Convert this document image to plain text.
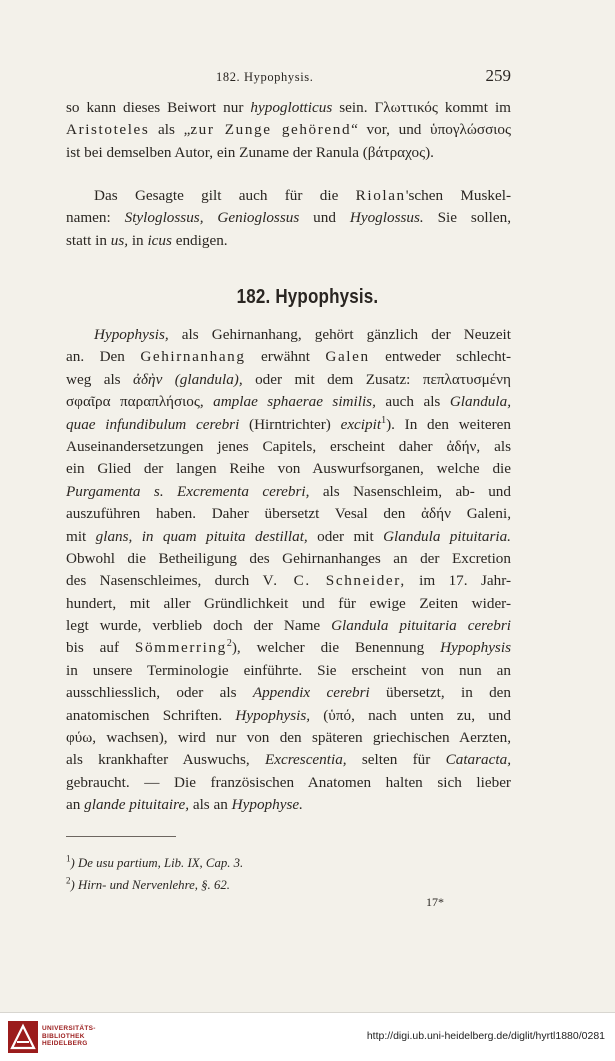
182. Hypophysis.	259
so kann dieses Beiwort nur hypoglotticus sein. Γλωττικός kommt im
Aristoteles als „zur Zunge gehörend“ vor, und ὑπογλώσσιος
ist bei demselben Autor, ein Zuname der Ranula (βάτραχος).
Das Gesagte gilt auch für die Riolan'schen Muskel-
namen: Styloglossus, Genioglossus und Hyoglossus. Sie sollen,
statt in us, in icus endigen.
182. Hypophysis.
Hypophysis, als Gehirnanhang, gehört gänzlich der Neuzeit
an. Den Gehirnanhang erwähnt Galen entweder schlecht-
weg als ἀδὴν (glandula), oder mit dem Zusatz: πεπλατυσμένη
σφαῖρα παραπλήσιος, amplae sphaerae similis, auch als Glandula,
quae infundibulum cerebri (Hirntrichter) excipit$^1$). In den weiteren
Auseinandersetzungen jenes Capitels, erscheint daher ἀδήν, als
ein Glied der langen Reihe von Auswurfsorganen, welche die
Purgamenta s. Excrementa cerebri, als Nasenschleim, ab- und
auszuführen haben. Daher übersetzt Vesal den ἀδήν Galeni,
mit glans, in quam pituita destillat, oder mit Glandula pituitaria.
Obwohl die Betheiligung des Gehirnanhanges an der Excretion
des Nasenschleimes, durch V. C. Schneider, im 17. Jahr-
hundert, mit aller Gründlichkeit und für ewige Zeiten wider-
legt wurde, verblieb doch der Name Glandula pituitaria cerebri
bis auf Sömmerring$^2$), welcher die Benennung Hypophysis
in unsere Terminologie einführte. Sie erscheint von nun an
ausschliesslich, oder als Appendix cerebri übersetzt, in den
anatomischen Schriften. Hypophysis, (ὑπό, nach unten zu, und
φύω, wachsen), wird nur von den späteren griechischen Aerzten,
als krankhafter Auswuchs, Excrescentia, selten für Cataracta,
gebraucht. — Die französischen Anatomen halten sich lieber
an glande pituitaire, als an Hypophyse.
$^1$) De usu partium, Lib. IX, Cap. 3.
$^2$) Hirn- und Nervenlehre, §. 62.
17*
UNIVERSITÄTS-
BIBLIOTHEK
HEIDELBERG
http://digi.ub.uni-heidelberg.de/diglit/hyrtl1880/0281
